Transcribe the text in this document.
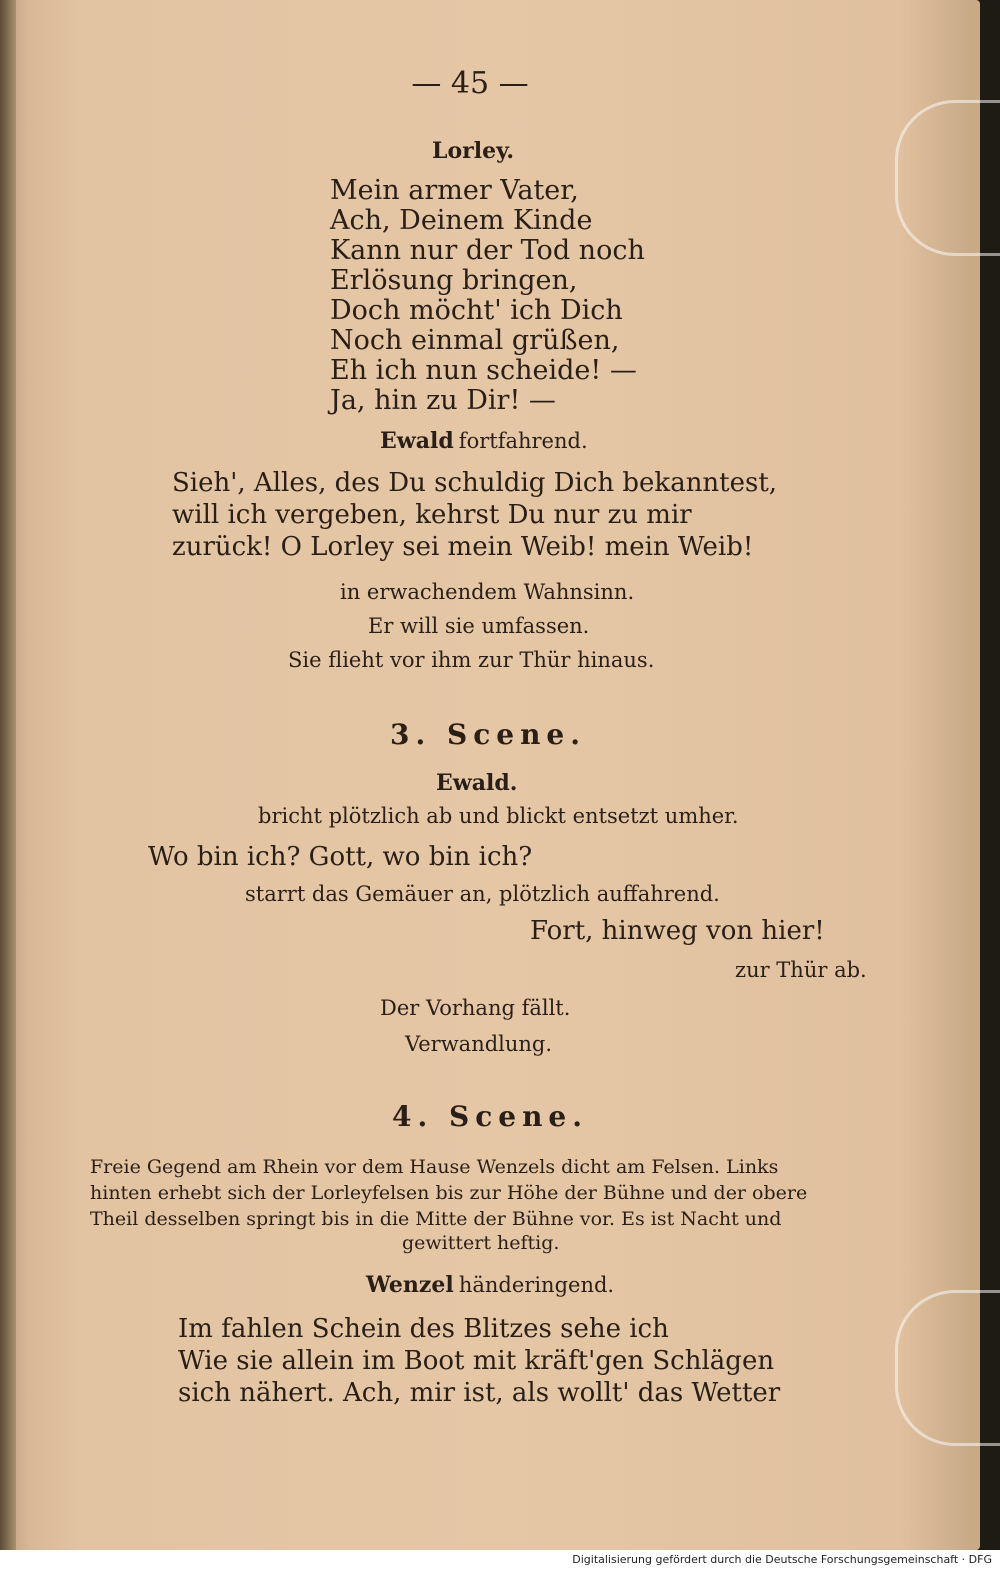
— 45 —
Lorley.
Mein armer Vater,
Ach, Deinem Kinde
Kann nur der Tod noch
Erlösung bringen,
Doch möcht' ich Dich
Noch einmal grüßen,
Eh ich nun scheide! —
Ja, hin zu Dir! —
Ewald fortfahrend.
Sieh', Alles, des Du schuldig Dich bekanntest,
will ich vergeben, kehrst Du nur zu mir
zurück! O Lorley sei mein Weib! mein Weib!
in erwachendem Wahnsinn.
Er will sie umfassen.
Sie flieht vor ihm zur Thür hinaus.
3. Scene.
Ewald.
bricht plötzlich ab und blickt entsetzt umher.
Wo bin ich? Gott, wo bin ich?
starrt das Gemäuer an, plötzlich auffahrend.
Fort, hinweg von hier!
zur Thür ab.
Der Vorhang fällt.
Verwandlung.
4. Scene.
Freie Gegend am Rhein vor dem Hause Wenzels dicht am Felsen. Links
hinten erhebt sich der Lorleyfelsen bis zur Höhe der Bühne und der obere
Theil desselben springt bis in die Mitte der Bühne vor. Es ist Nacht und
gewittert heftig.
Wenzel händeringend.
Im fahlen Schein des Blitzes sehe ich
Wie sie allein im Boot mit kräft'gen Schlägen
sich nähert. Ach, mir ist, als wollt' das Wetter
Digitalisierung gefördert durch die Deutsche Forschungsgemeinschaft · DFG
